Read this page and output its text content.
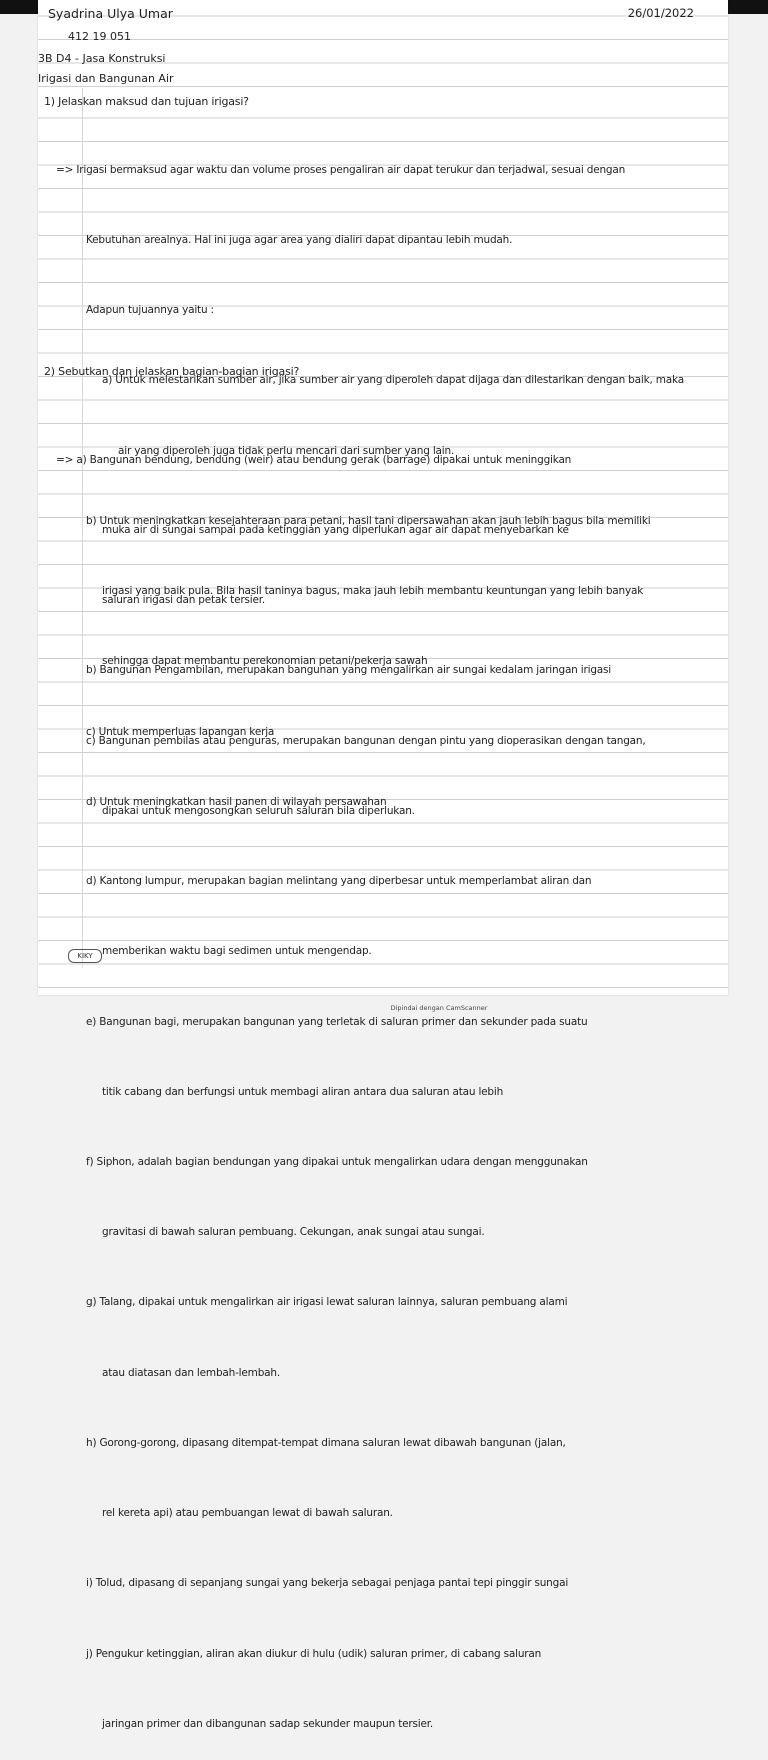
Syadrina Ulya Umar	26/01/2022
412 19 051
3B D4 - Jasa Konstruksi
Irigasi dan Bangunan Air
1) Jelaskan maksud dan tujuan irigasi?

=> Irigasi bermaksud agar waktu dan volume proses pengaliran air dapat terukur dan terjadwal, sesuai dengan

Kebutuhan arealnya. Hal ini juga agar area yang dialiri dapat dipantau lebih mudah.

Adapun tujuannya yaitu :

a) Untuk melestarikan sumber air, jika sumber air yang diperoleh dapat dijaga dan dilestarikan dengan baik, maka

air yang diperoleh juga tidak perlu mencari dari sumber yang lain.

b) Untuk meningkatkan kesejahteraan para petani, hasil tani dipersawahan akan jauh lebih bagus bila memiliki

irigasi yang baik pula. Bila hasil taninya bagus, maka jauh lebih membantu keuntungan yang lebih banyak

sehingga dapat membantu perekonomian petani/pekerja sawah

c) Untuk memperluas lapangan kerja

d) Untuk meningkatkan hasil panen di wilayah persawahan

2) Sebutkan dan jelaskan bagian-bagian irigasi?

=> a) Bangunan bendung, bendung (weir) atau bendung gerak (barrage) dipakai untuk meninggikan

muka air di sungai sampai pada ketinggian yang diperlukan agar air dapat menyebarkan ke

saluran irigasi dan petak tersier.

b) Bangunan Pengambilan, merupakan bangunan yang mengalirkan air sungai kedalam jaringan irigasi

c) Bangunan pembilas atau penguras, merupakan bangunan dengan pintu yang dioperasikan dengan tangan,

dipakai untuk mengosongkan seluruh saluran bila diperlukan.

d) Kantong lumpur, merupakan bagian melintang yang diperbesar untuk memperlambat aliran dan

memberikan waktu bagi sedimen untuk mengendap.

e) Bangunan bagi, merupakan bangunan yang terletak di saluran primer dan sekunder pada suatu

titik cabang dan berfungsi untuk membagi aliran antara dua saluran atau lebih

f) Siphon, adalah bagian bendungan yang dipakai untuk mengalirkan udara dengan menggunakan

gravitasi di bawah saluran pembuang. Cekungan, anak sungai atau sungai.

g) Talang, dipakai untuk mengalirkan air irigasi lewat saluran lainnya, saluran pembuang alami

atau diatasan dan lembah-lembah.

h) Gorong-gorong, dipasang ditempat-tempat dimana saluran lewat dibawah bangunan (jalan,

rel kereta api) atau pembuangan lewat di bawah saluran.

i) Tolud, dipasang di sepanjang sungai yang bekerja sebagai penjaga pantai tepi pinggir sungai

j) Pengukur ketinggian, aliran akan diukur di hulu (udik) saluran primer, di cabang saluran

jaringan primer dan dibangunan sadap sekunder maupun tersier.

KIKY
Dipindai dengan CamScanner
